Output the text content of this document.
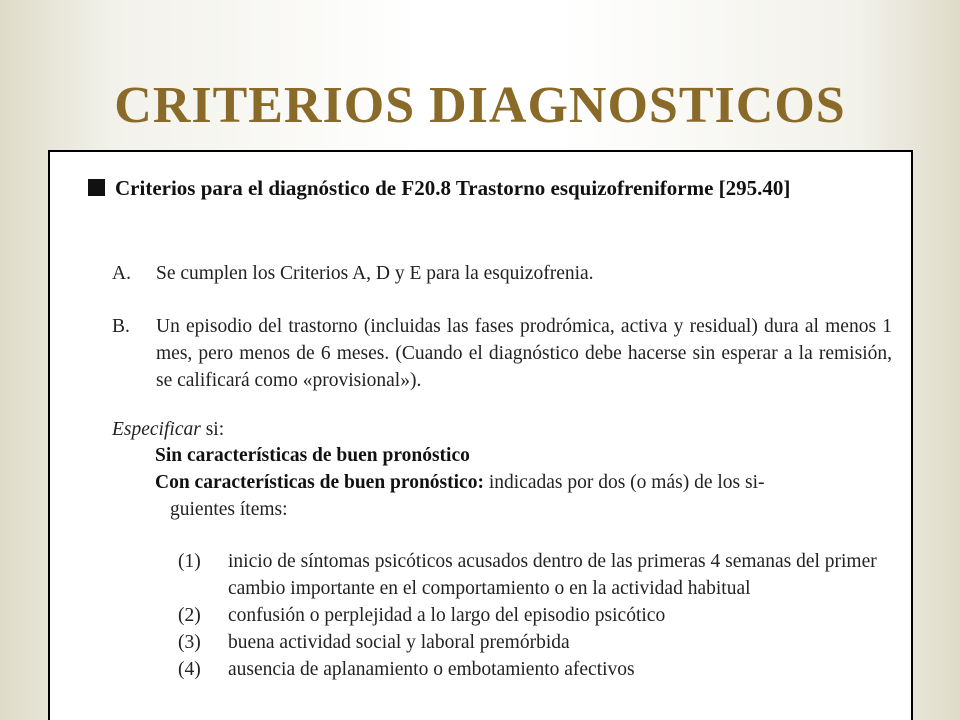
CRITERIOS DIAGNOSTICOS
Criterios para el diagnóstico de F20.8 Trastorno esquizofreniforme [295.40]
A. Se cumplen los Criterios A, D y E para la esquizofrenia.
B. Un episodio del trastorno (incluidas las fases prodrómica, activa y residual) dura al menos 1 mes, pero menos de 6 meses. (Cuando el diagnóstico debe hacerse sin esperar a la remisión, se calificará como «provisional»).
Especificar si:
Sin características de buen pronóstico
Con características de buen pronóstico: indicadas por dos (o más) de los si-
guientes ítems:
(1) inicio de síntomas psicóticos acusados dentro de las primeras 4 semanas del primer cambio importante en el comportamiento o en la actividad habitual
(2) confusión o perplejidad a lo largo del episodio psicótico
(3) buena actividad social y laboral premórbida
(4) ausencia de aplanamiento o embotamiento afectivos
